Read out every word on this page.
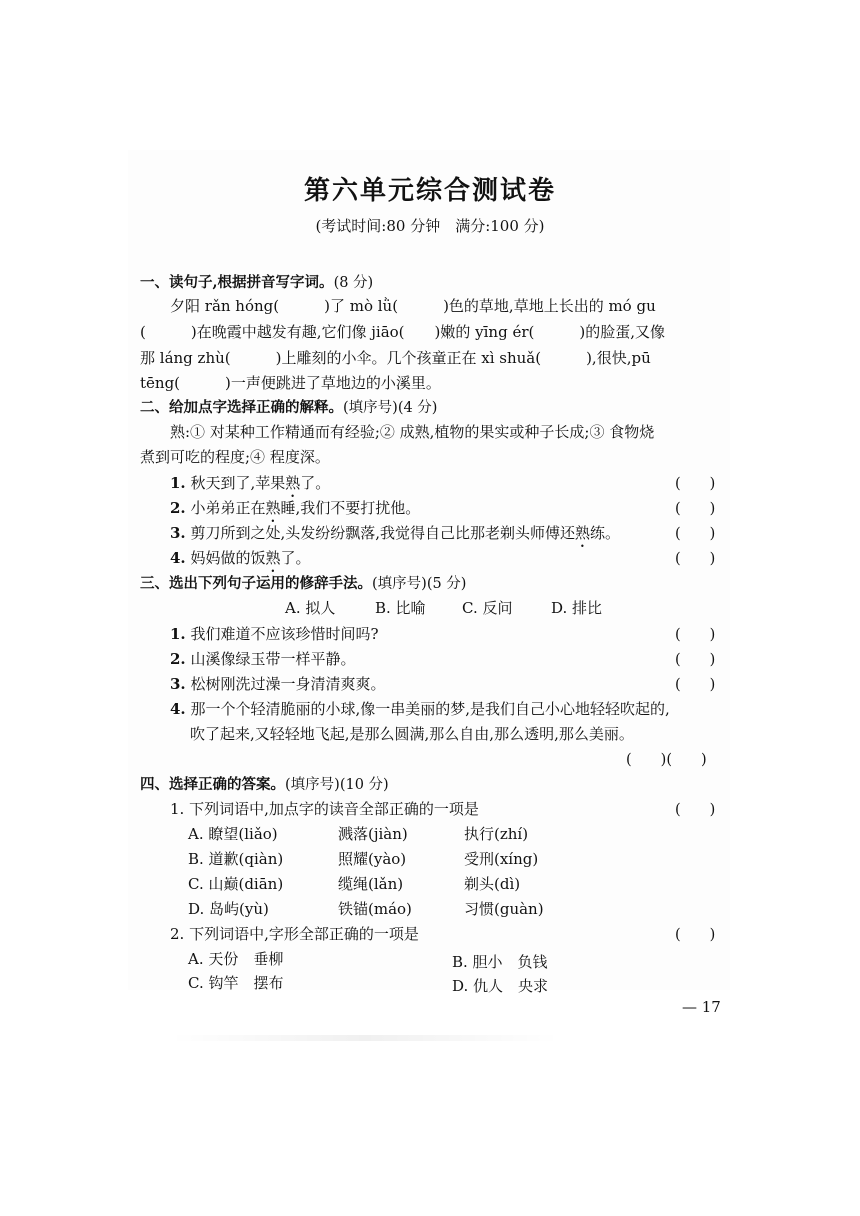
第六单元综合测试卷
(考试时间:80 分钟　满分:100 分)
一、读句子,根据拼音写字词。(8 分)
　　夕阳 rǎn hóng(　　　)了 mò lǜ(　　　)色的草地,草地上长出的 mó gu
(　　　)在晚霞中越发有趣,它们像 jiāo(　　)嫩的 yīng ér(　　　)的脸蛋,又像
那 láng zhù(　　　)上雕刻的小伞。几个孩童正在 xì shuǎ(　　　),很快,pū
tēng(　　　)一声便跳进了草地边的小溪里。
二、给加点字选择正确的解释。(填序号)(4 分)
　　熟:① 对某种工作精通而有经验;② 成熟,植物的果实或种子长成;③ 食物烧
煮到可吃的程度;④ 程度深。
1. 秋天到了,苹果熟了。	(　　)
2. 小弟弟正在熟睡,我们不要打扰他。	(　　)
3. 剪刀所到之处,头发纷纷飘落,我觉得自己比那老剃头师傅还熟练。	(　　)
4. 妈妈做的饭熟了。	(　　)
三、选出下列句子运用的修辞手法。(填序号)(5 分)
A. 拟人	B. 比喻 C. 反问	D. 排比
1. 我们难道不应该珍惜时间吗?	(　　)
2. 山溪像绿玉带一样平静。	(　　)
3. 松树刚洗过澡一身清清爽爽。	(　　)
4. 那一个个轻清脆丽的小球,像一串美丽的梦,是我们自己小心地轻轻吹起的,
吹了起来,又轻轻地飞起,是那么圆满,那么自由,那么透明,那么美丽。
(　　)(　　)
四、选择正确的答案。(填序号)(10 分)
1. 下列词语中,加点字的读音全部正确的一项是	(　　)
A. 瞭望(liǎo)	溅落(jiàn)	执行(zhí)
B. 道歉(qiàn)	照耀(yào)	受刑(xíng)
C. 山巅(diān)	缆绳(lǎn)	剃头(dì)
D. 岛屿(yù)	铁锚(máo)	习惯(guàn)
2. 下列词语中,字形全部正确的一项是	(　　)
A. 天份　垂柳	B. 胆小　负钱
C. 钩竿　摆布	D. 仇人　央求
— 17
